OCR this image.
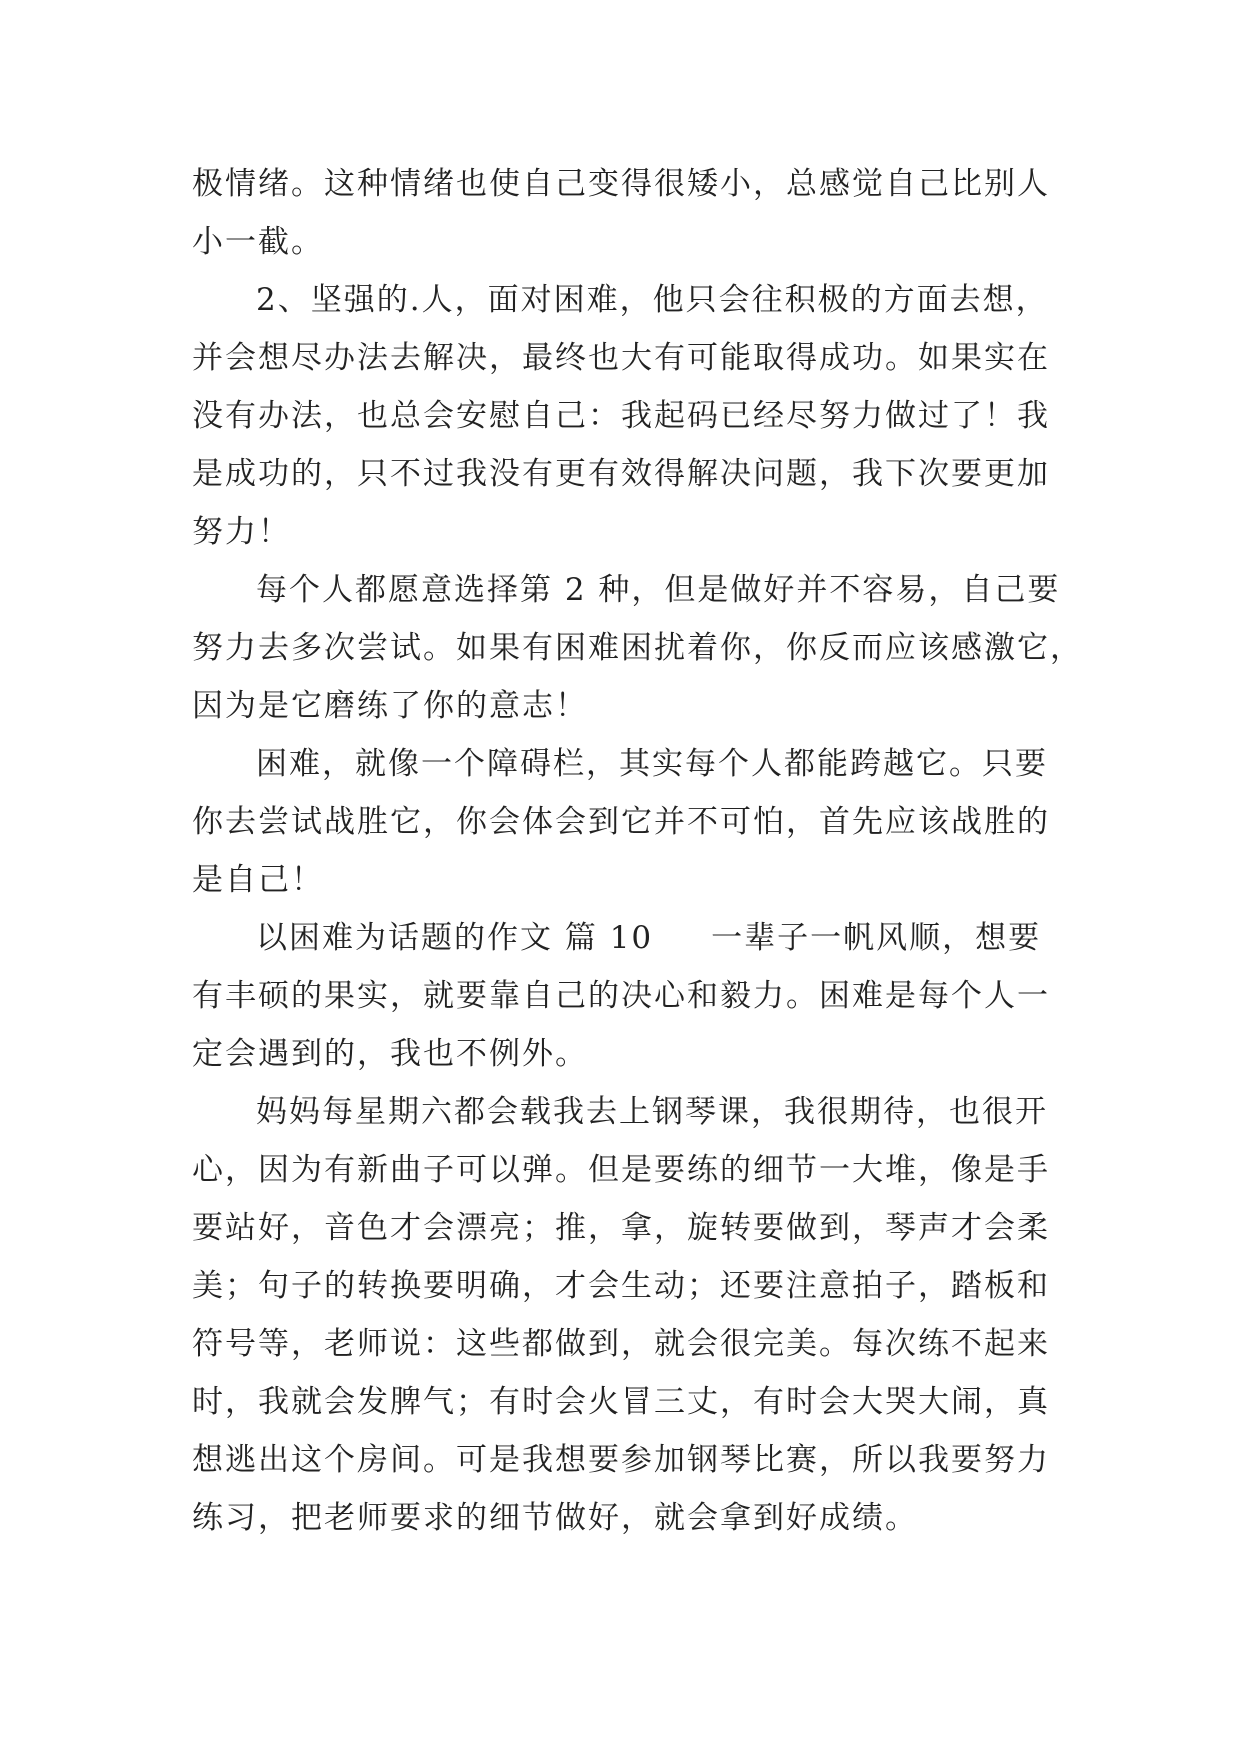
极情绪。这种情绪也使自己变得很矮小，总感觉自己比别人
小一截。

2、坚强的.人，面对困难，他只会往积极的方面去想，
并会想尽办法去解决，最终也大有可能取得成功。如果实在
没有办法，也总会安慰自己：我起码已经尽努力做过了！我
是成功的，只不过我没有更有效得解决问题，我下次要更加
努力！

每个人都愿意选择第 2 种，但是做好并不容易，自己要
努力去多次尝试。如果有困难困扰着你，你反而应该感激它，
因为是它磨练了你的意志！

困难，就像一个障碍栏，其实每个人都能跨越它。只要
你去尝试战胜它，你会体会到它并不可怕，首先应该战胜的
是自己！

以困难为话题的作文 篇 10 一辈子一帆风顺，想要
有丰硕的果实，就要靠自己的决心和毅力。困难是每个人一
定会遇到的，我也不例外。

妈妈每星期六都会载我去上钢琴课，我很期待，也很开
心，因为有新曲子可以弹。但是要练的细节一大堆，像是手
要站好，音色才会漂亮；推，拿，旋转要做到，琴声才会柔
美；句子的转换要明确，才会生动；还要注意拍子，踏板和
符号等，老师说：这些都做到，就会很完美。每次练不起来
时，我就会发脾气；有时会火冒三丈，有时会大哭大闹，真
想逃出这个房间。可是我想要参加钢琴比赛，所以我要努力
练习，把老师要求的细节做好，就会拿到好成绩。
